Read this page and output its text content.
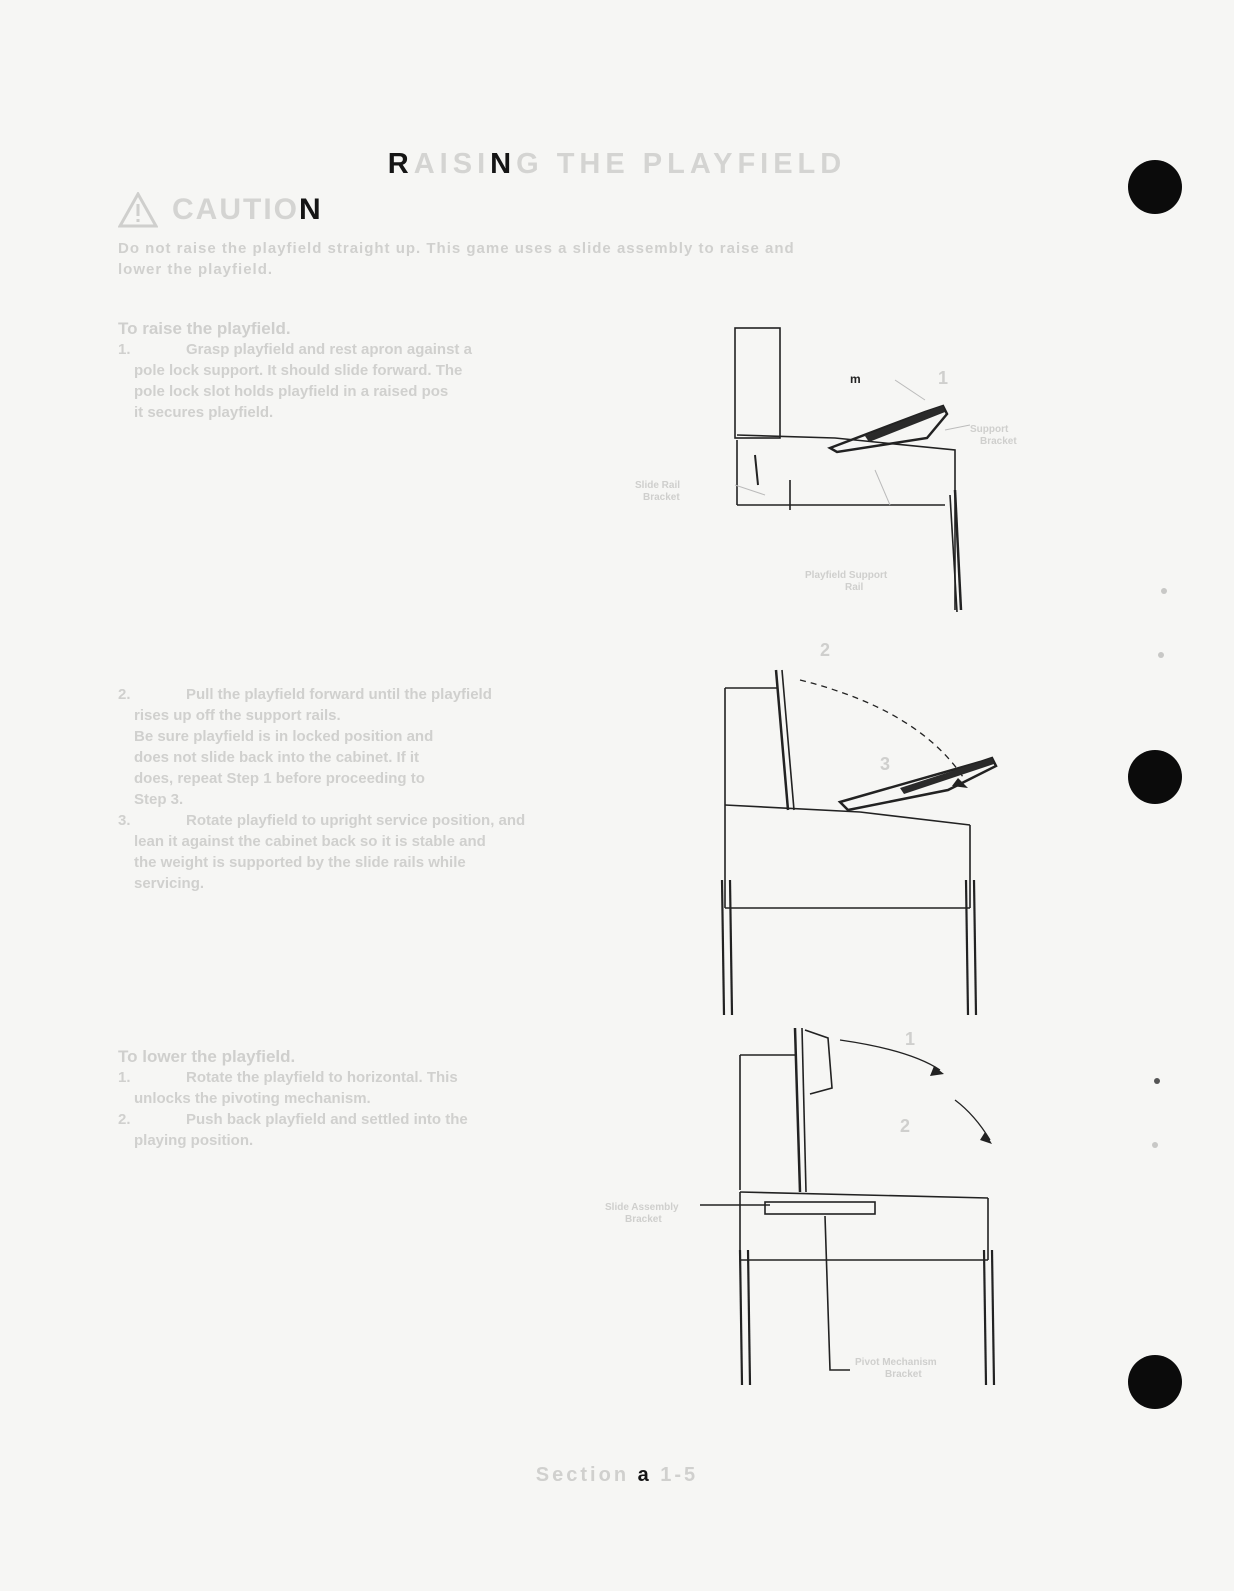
RAISING THE PLAYFIELD
CAUTIO N
Do not raise the playfield straight up. This game uses a slide assembly to raise and
lower the playfield.
To raise the playfield.
1.	Grasp playfield and rest apron against a
pole lock support. It should slide forward. The
pole lock slot holds playfield in a raised pos
it secures playfield.
2.	Pull the playfield forward until the playfield
rises up off the support rails.
Be sure playfield is in locked position and
does not slide back into the cabinet. If it
does, repeat Step 1 before proceeding to
Step 3.
3.	Rotate playfield to upright service position, and
lean it against the cabinet back so it is stable and
the weight is supported by the slide rails while
servicing.
To lower the playfield.
1.	Rotate the playfield to horizontal. This
unlocks the pivoting mechanism.
2.	Push back playfield and settled into the
playing position.
m	1
Support
Bracket
Slide Rail
Bracket
Playfield Support
Rail
2
3
1
2
Slide Assembly
Bracket
Pivot Mechanism
Bracket
Section a 1-5
